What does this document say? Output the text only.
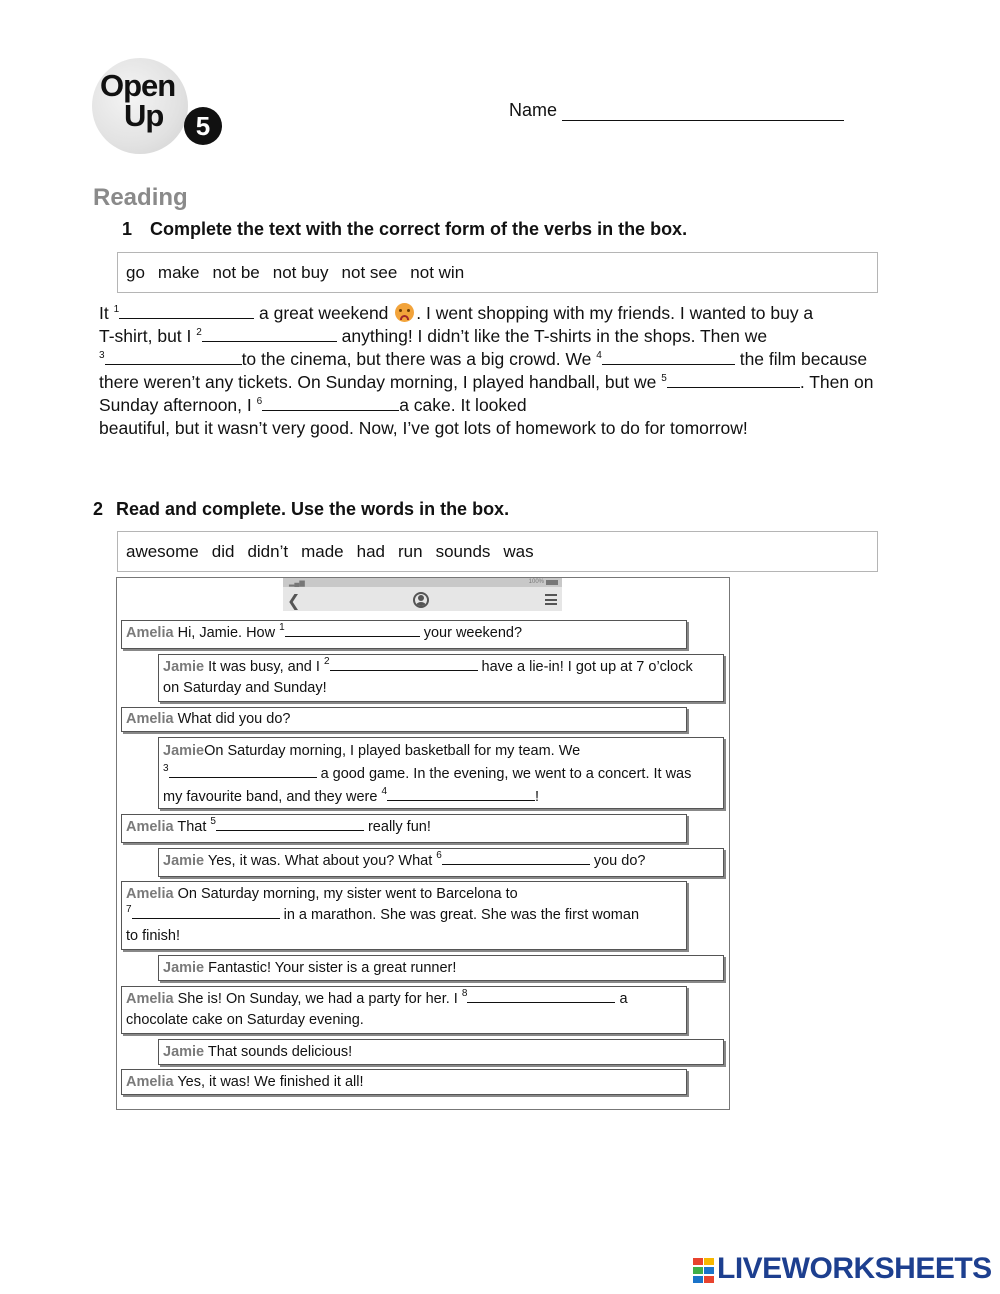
Open
Up	5
Name
Reading
1 Complete the text with the correct form of the verbs in the box.
go make not be not buy not see not win
It $^1$	a great weekend . I went shopping with my friends. I wanted to buy a
T-shirt, but I $^2$	anything! I didn’t like the T-shirts in the shops. Then we
$^3$	to the cinema, but there was a big crowd. We $^4$	the film because
there weren’t any tickets. On Sunday morning, I played handball, but we $^5$	. Then on
Sunday afternoon, I $^6$	a cake. It looked
beautiful, but it wasn’t very good. Now, I’ve got lots of homework to do for tomorrow!
2 Read and complete. Use the words in the box.
awesome did didn’t made had run sounds was
▂▄▆	100%
❮
Amelia Hi, Jamie. How $^1$	your weekend?
Jamie It was busy, and I $^2$	have a lie-in! I got up at 7 o’clock
on Saturday and Sunday!
Amelia What did you do?
JamieOn Saturday morning, I played basketball for my team. We
$^3$	a good game. In the evening, we went to a concert. It was
my favourite band, and they were $^4$	!
Amelia That $^5$	really fun!
Jamie Yes, it was. What about you? What $^6$	you do?
Amelia On Saturday morning, my sister went to Barcelona to
$^7$	in a marathon. She was great. She was the first woman
to finish!
Jamie Fantastic! Your sister is a great runner!
Amelia She is! On Sunday, we had a party for her. I $^8$	a
chocolate cake on Saturday evening.
Jamie That sounds delicious!
Amelia Yes, it was! We finished it all!
LIVEWORKSHEETS
